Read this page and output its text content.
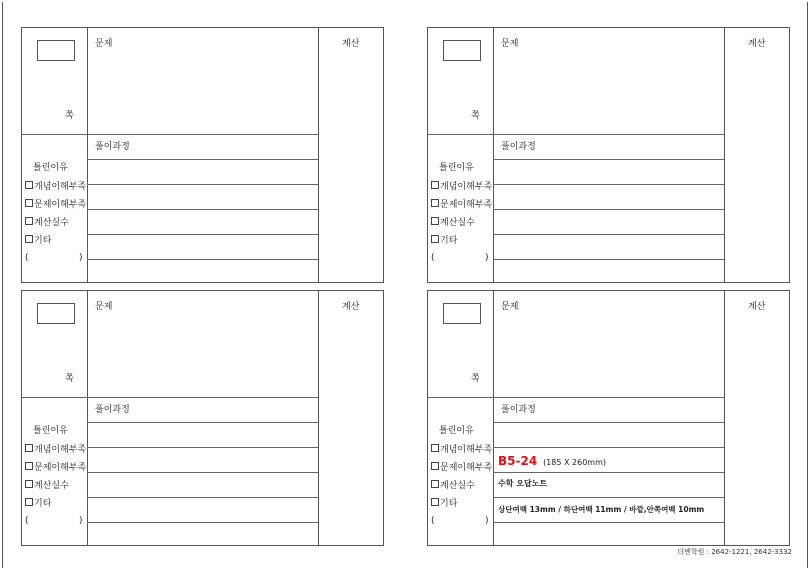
쪽
문제	계산
풀이과정
틀린이유
개념이해부족
문제이해부족
계산실수
기타
(	)
쪽
문제	계산
풀이과정
틀린이유
개념이해부족
문제이해부족
계산실수
기타
(	)
쪽
문제	계산
풀이과정
틀린이유
개념이해부족
문제이해부족
계산실수
기타
(	)
쪽
문제	계산
풀이과정
틀린이유
개념이해부족
문제이해부족
계산실수
기타
(	)
B5-24 (185 X 260mm)
수학 오답노트
상단여백 13mm / 하단여백 11mm / 바깥,안쪽여백 10mm
더벤학원 : 2642-1221, 2642-3332
